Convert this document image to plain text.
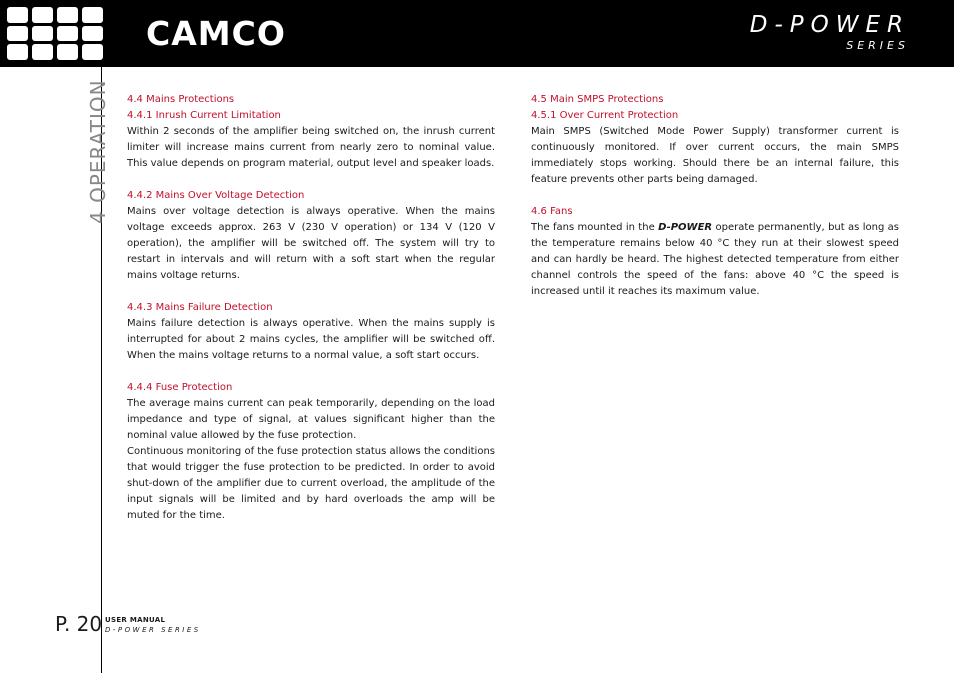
CAMCO	D-POWER
SERIES
4 OPERATION 4.4 Mains Protections

4.4.1 Inrush Current Limitation

Within 2 seconds of the amplifier being switched on, the inrush current limiter will increase mains current from nearly zero to nominal value. This value depends on program material, output level and speaker loads.

4.4.2 Mains Over Voltage Detection

Mains over voltage detection is always operative. When the mains voltage exceeds approx. 263 V (230 V operation) or 134 V (120 V operation), the amplifier will be switched off. The system will try to restart in intervals and will return with a soft start when the regular mains voltage returns.

4.4.3 Mains Failure Detection

Mains failure detection is always operative. When the mains supply is interrupted for about 2 mains cycles, the amplifier will be switched off. When the mains voltage returns to a normal value, a soft start occurs.

4.4.4 Fuse Protection

The average mains current can peak temporarily, depending on the load impedance and type of signal, at values significant higher than the nominal value allowed by the fuse protection.

Continuous monitoring of the fuse protection status allows the conditions that would trigger the fuse protection to be predicted. In order to avoid shut-down of the amplifier due to current overload, the amplitude of the input signals will be limited and by hard overloads the amp will be muted for the time.

4.5 Main SMPS Protections

4.5.1 Over Current Protection

Main SMPS (Switched Mode Power Supply) transformer current is continuously monitored. If over current occurs, the main SMPS immediately stops working. Should there be an internal failure, this feature prevents other parts being damaged.

4.6 Fans

The fans mounted in the D-POWER operate permanently, but as long as the temperature remains below 40 °C they run at their slowest speed and can hardly be heard. The highest detected temperature from either channel controls the speed of the fans: above 40 °C the speed is increased until it reaches its maximum value.

P. 20 USER MANUAL
D-POWER SERIES
